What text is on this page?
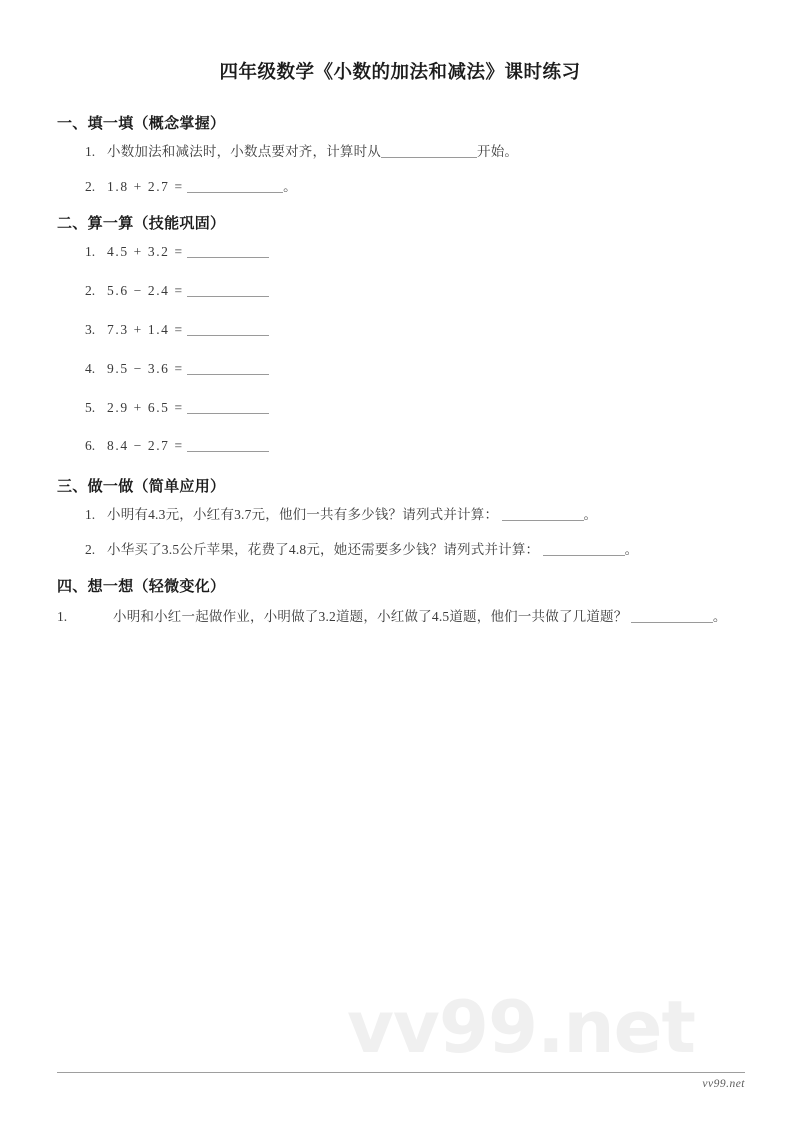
四年级数学《小数的加法和减法》课时练习
一、填一填（概念掌握）
1. 小数加法和减法时，小数点要对齐，计算时从	开始。
2. 1.8 + 2.7 =	。
二、算一算（技能巩固）
1. 4.5 + 3.2 =
2. 5.6 − 2.4 =
3. 7.3 + 1.4 =
4. 9.5 − 3.6 =
5. 2.9 + 6.5 =
6. 8.4 − 2.7 =
三、做一做（简单应用）
1. 小明有4.3元，小红有3.7元，他们一共有多少钱？请列式并计算：	。
2. 小华买了3.5公斤苹果，花费了4.8元，她还需要多少钱？请列式并计算：	。
四、想一想（轻微变化）
1.	小明和小红一起做作业，小明做了3.2道题，小红做了4.5道题，他们一共做了几道题？	。
vv99.net
vv99.net
